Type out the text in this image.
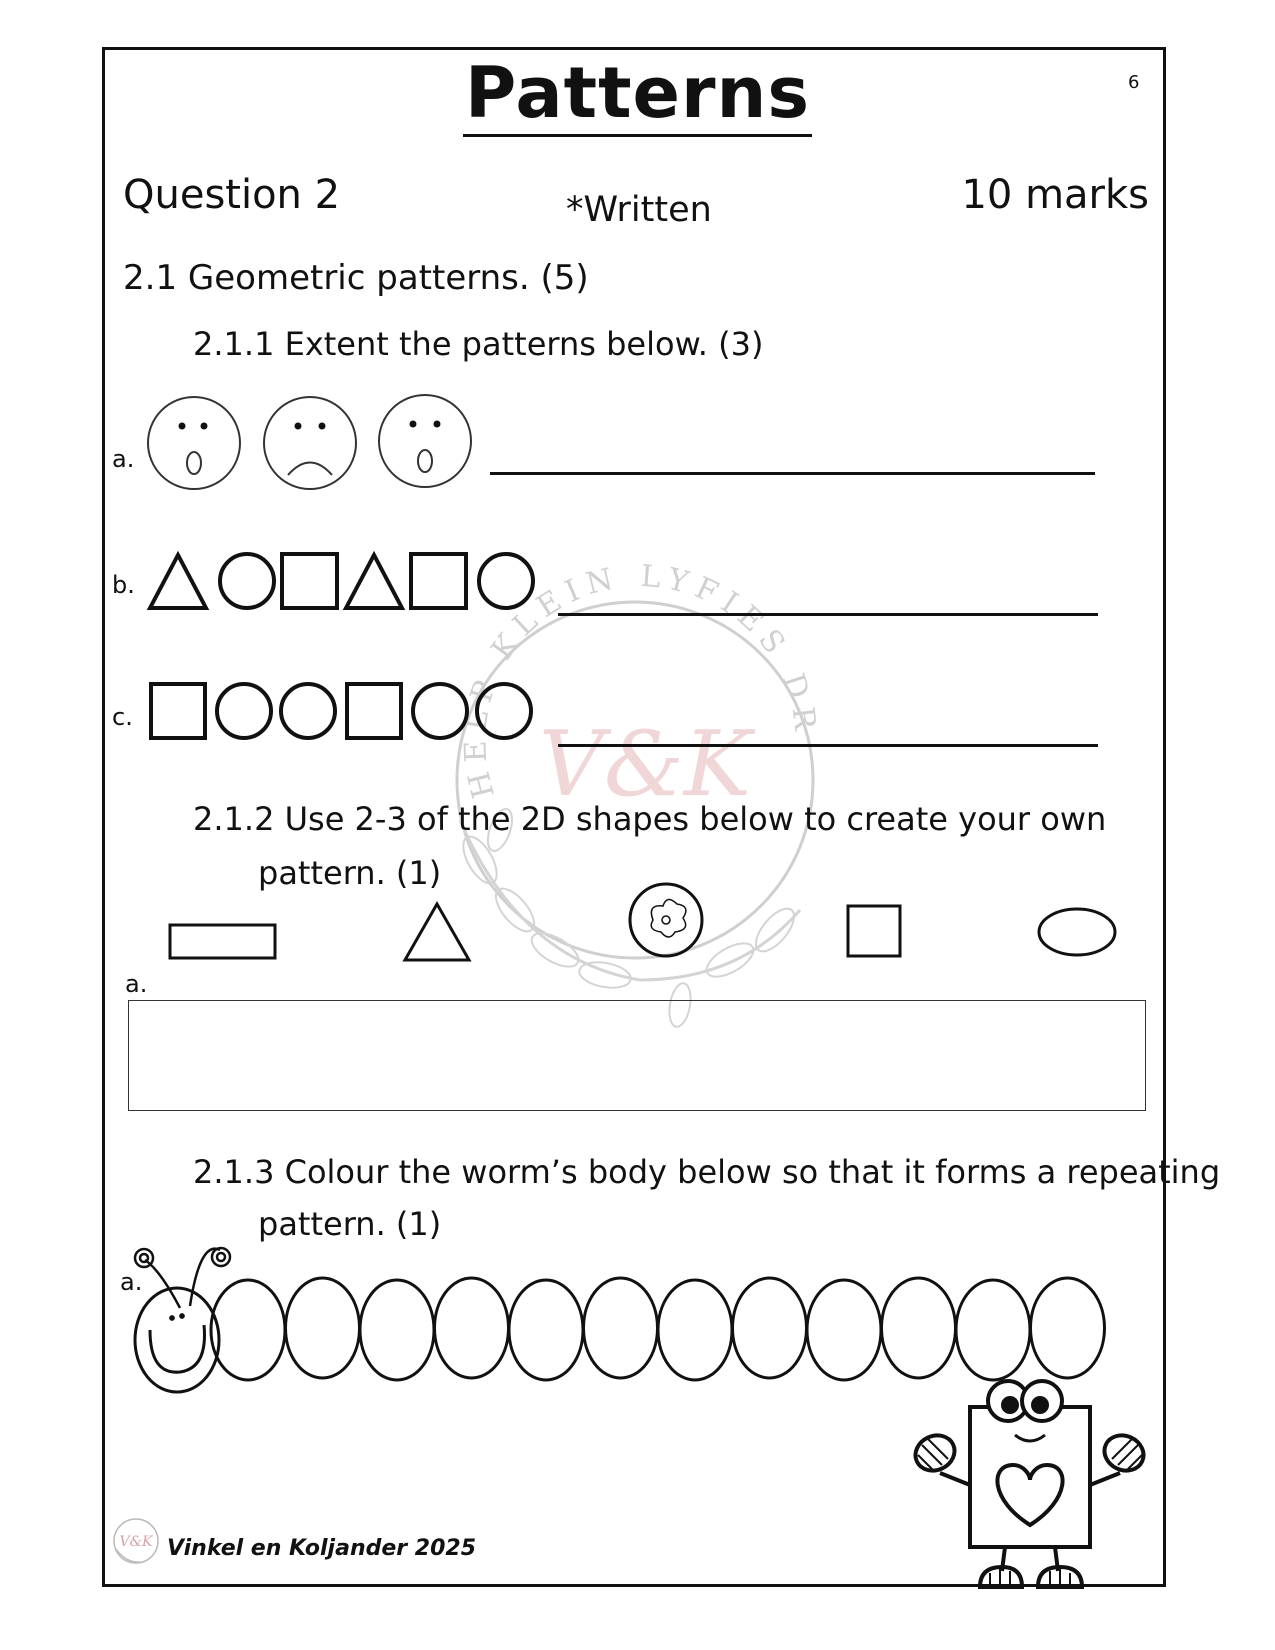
HELP KLEIN LYFIES DROOM
V&K
Patterns	6
Question 2	*Written	10 marks
2.1 Geometric patterns. (5)
2.1.1 Extent the patterns below. (3)
a.
b.
c.
2.1.2 Use 2-3 of the 2D shapes below to create your own
pattern. (1)
a.
2.1.3 Colour the worm’s body below so that it forms a repeating
pattern. (1)
a.
V&K Vinkel en Koljander 2025
